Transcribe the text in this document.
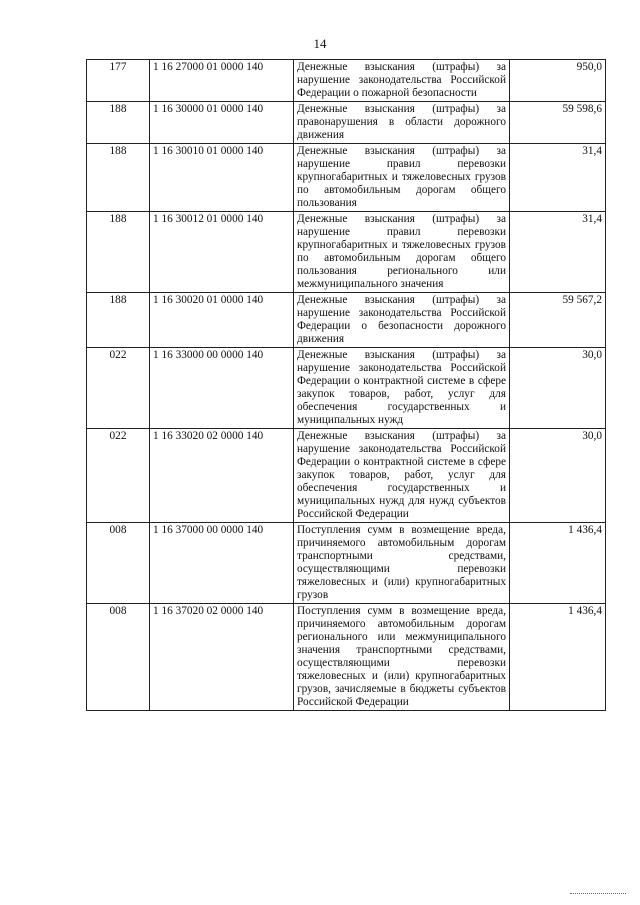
14
177	1 16 27000 01 0000 140	Денежные взыскания (штрафы) за нарушение законодательства Российской Федерации о пожарной безопасности	950,0
188	1 16 30000 01 0000 140	Денежные взыскания (штрафы) за правонарушения в области дорожного движения	59 598,6
188	1 16 30010 01 0000 140	Денежные взыскания (штрафы) за нарушение правил перевозки крупногабаритных и тяжеловесных грузов по автомобильным дорогам общего пользования	31,4
188	1 16 30012 01 0000 140	Денежные взыскания (штрафы) за нарушение правил перевозки крупногабаритных и тяжеловесных грузов по автомобильным дорогам общего пользования регионального или межмуниципального значения	31,4
188	1 16 30020 01 0000 140	Денежные взыскания (штрафы) за нарушение законодательства Российской Федерации о безопасности дорожного движения	59 567,2
022	1 16 33000 00 0000 140	Денежные взыскания (штрафы) за нарушение законодательства Российской Федерации о контрактной системе в сфере закупок товаров, работ, услуг для обеспечения государственных и муниципальных нужд	30,0
022	1 16 33020 02 0000 140	Денежные взыскания (штрафы) за нарушение законодательства Российской Федерации о контрактной системе в сфере закупок товаров, работ, услуг для обеспечения государственных и муниципальных нужд для нужд субъектов Российской Федерации	30,0
008	1 16 37000 00 0000 140	Поступления сумм в возмещение вреда, причиняемого автомобильным дорогам транспортными средствами, осуществляющими перевозки тяжеловесных и (или) крупногабаритных грузов	1 436,4
008	1 16 37020 02 0000 140	Поступления сумм в возмещение вреда, причиняемого автомобильным дорогам регионального или межмуниципального значения транспортными средствами, осуществляющими перевозки тяжеловесных и (или) крупногабаритных грузов, зачисляемые в бюджеты субъектов Российской Федерации	1 436,4
